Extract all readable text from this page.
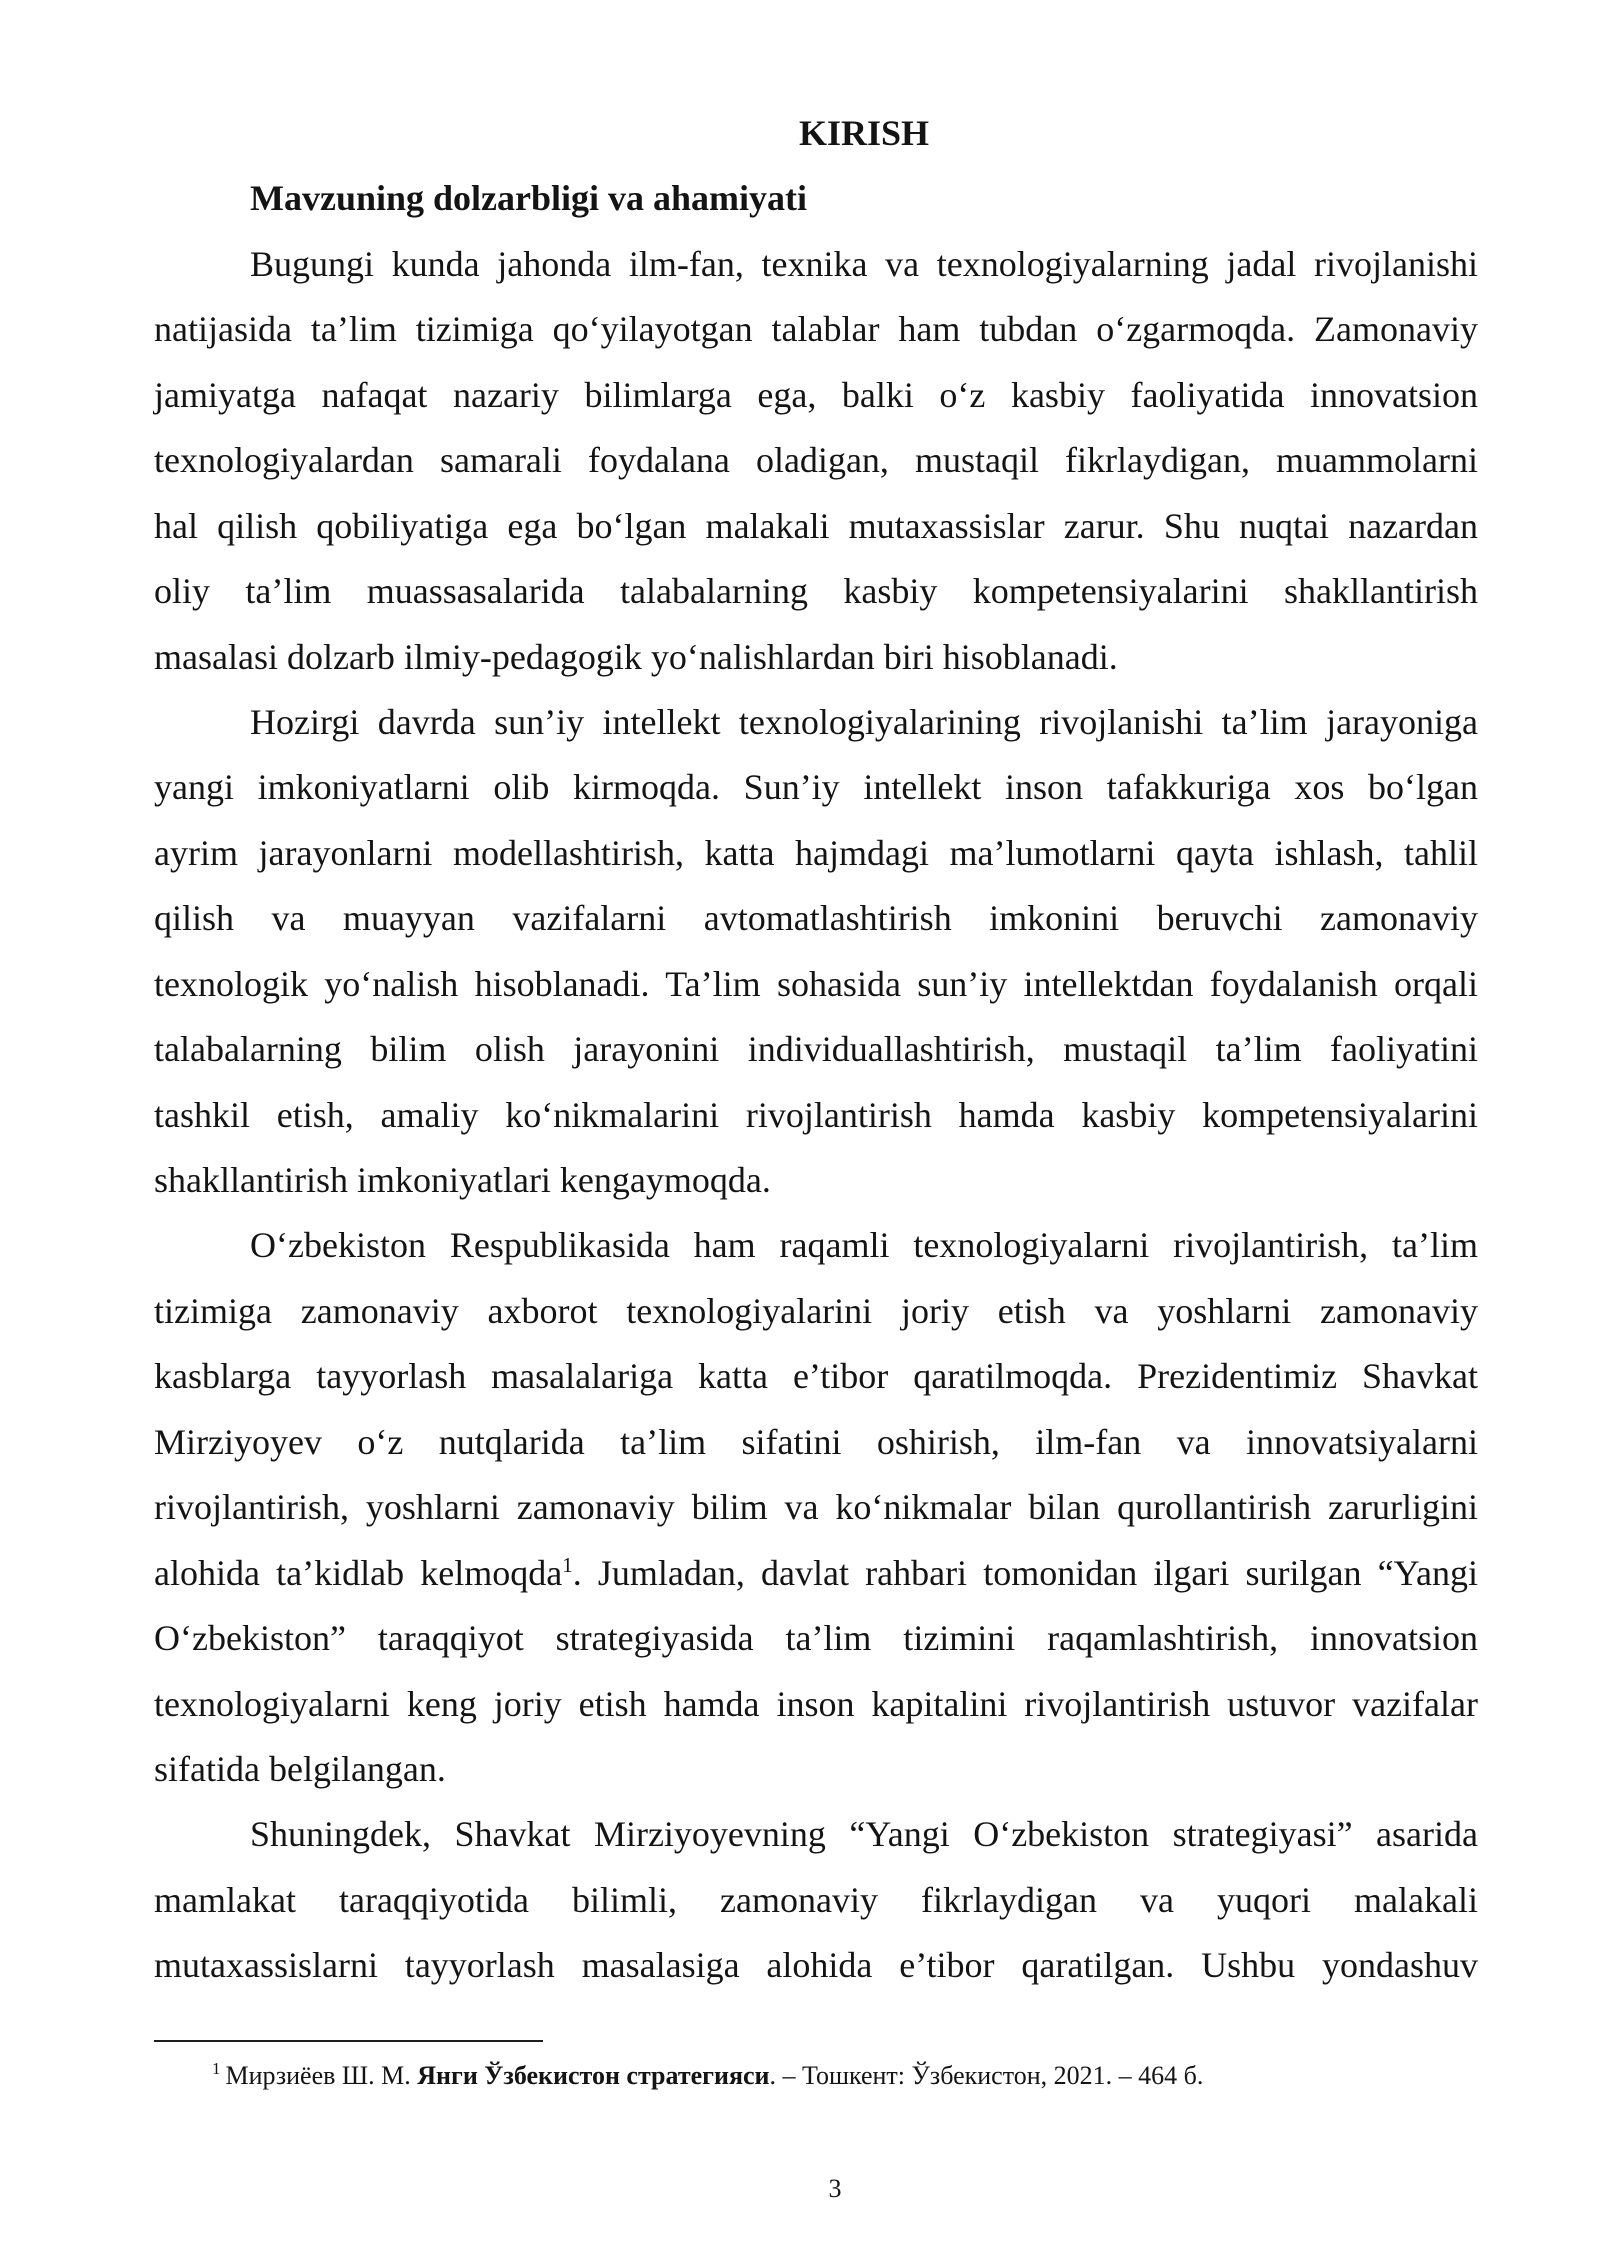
KIRISH
Mavzuning dolzarbligi va ahamiyati
Bugungi kunda jahonda ilm-fan, texnika va texnologiyalarning jadal rivojlanishi
natijasida ta’lim tizimiga qo‘yilayotgan talablar ham tubdan o‘zgarmoqda. Zamonaviy
jamiyatga nafaqat nazariy bilimlarga ega, balki o‘z kasbiy faoliyatida innovatsion
texnologiyalardan samarali foydalana oladigan, mustaqil fikrlaydigan, muammolarni
hal qilish qobiliyatiga ega bo‘lgan malakali mutaxassislar zarur. Shu nuqtai nazardan
oliy ta’lim muassasalarida talabalarning kasbiy kompetensiyalarini shakllantirish
masalasi dolzarb ilmiy-pedagogik yo‘nalishlardan biri hisoblanadi.
Hozirgi davrda sun’iy intellekt texnologiyalarining rivojlanishi ta’lim jarayoniga
yangi imkoniyatlarni olib kirmoqda. Sun’iy intellekt inson tafakkuriga xos bo‘lgan
ayrim jarayonlarni modellashtirish, katta hajmdagi ma’lumotlarni qayta ishlash, tahlil
qilish va muayyan vazifalarni avtomatlashtirish imkonini beruvchi zamonaviy
texnologik yo‘nalish hisoblanadi. Ta’lim sohasida sun’iy intellektdan foydalanish orqali
talabalarning bilim olish jarayonini individuallashtirish, mustaqil ta’lim faoliyatini
tashkil etish, amaliy ko‘nikmalarini rivojlantirish hamda kasbiy kompetensiyalarini
shakllantirish imkoniyatlari kengaymoqda.
O‘zbekiston Respublikasida ham raqamli texnologiyalarni rivojlantirish, ta’lim
tizimiga zamonaviy axborot texnologiyalarini joriy etish va yoshlarni zamonaviy
kasblarga tayyorlash masalalariga katta e’tibor qaratilmoqda. Prezidentimiz Shavkat
Mirziyoyev o‘z nutqlarida ta’lim sifatini oshirish, ilm-fan va innovatsiyalarni
rivojlantirish, yoshlarni zamonaviy bilim va ko‘nikmalar bilan qurollantirish zarurligini
alohida ta’kidlab kelmoqda$^1$. Jumladan, davlat rahbari tomonidan ilgari surilgan “Yangi
O‘zbekiston” taraqqiyot strategiyasida ta’lim tizimini raqamlashtirish, innovatsion
texnologiyalarni keng joriy etish hamda inson kapitalini rivojlantirish ustuvor vazifalar
sifatida belgilangan.
Shuningdek, Shavkat Mirziyoyevning “Yangi O‘zbekiston strategiyasi” asarida
mamlakat taraqqiyotida bilimli, zamonaviy fikrlaydigan va yuqori malakali
mutaxassislarni tayyorlash masalasiga alohida e’tibor qaratilgan. Ushbu yondashuv
$^1$ Мирзиёев Ш. М. Янги Ўзбекистон стратегияси. – Тошкент: Ўзбекистон, 2021. – 464 б.
3
